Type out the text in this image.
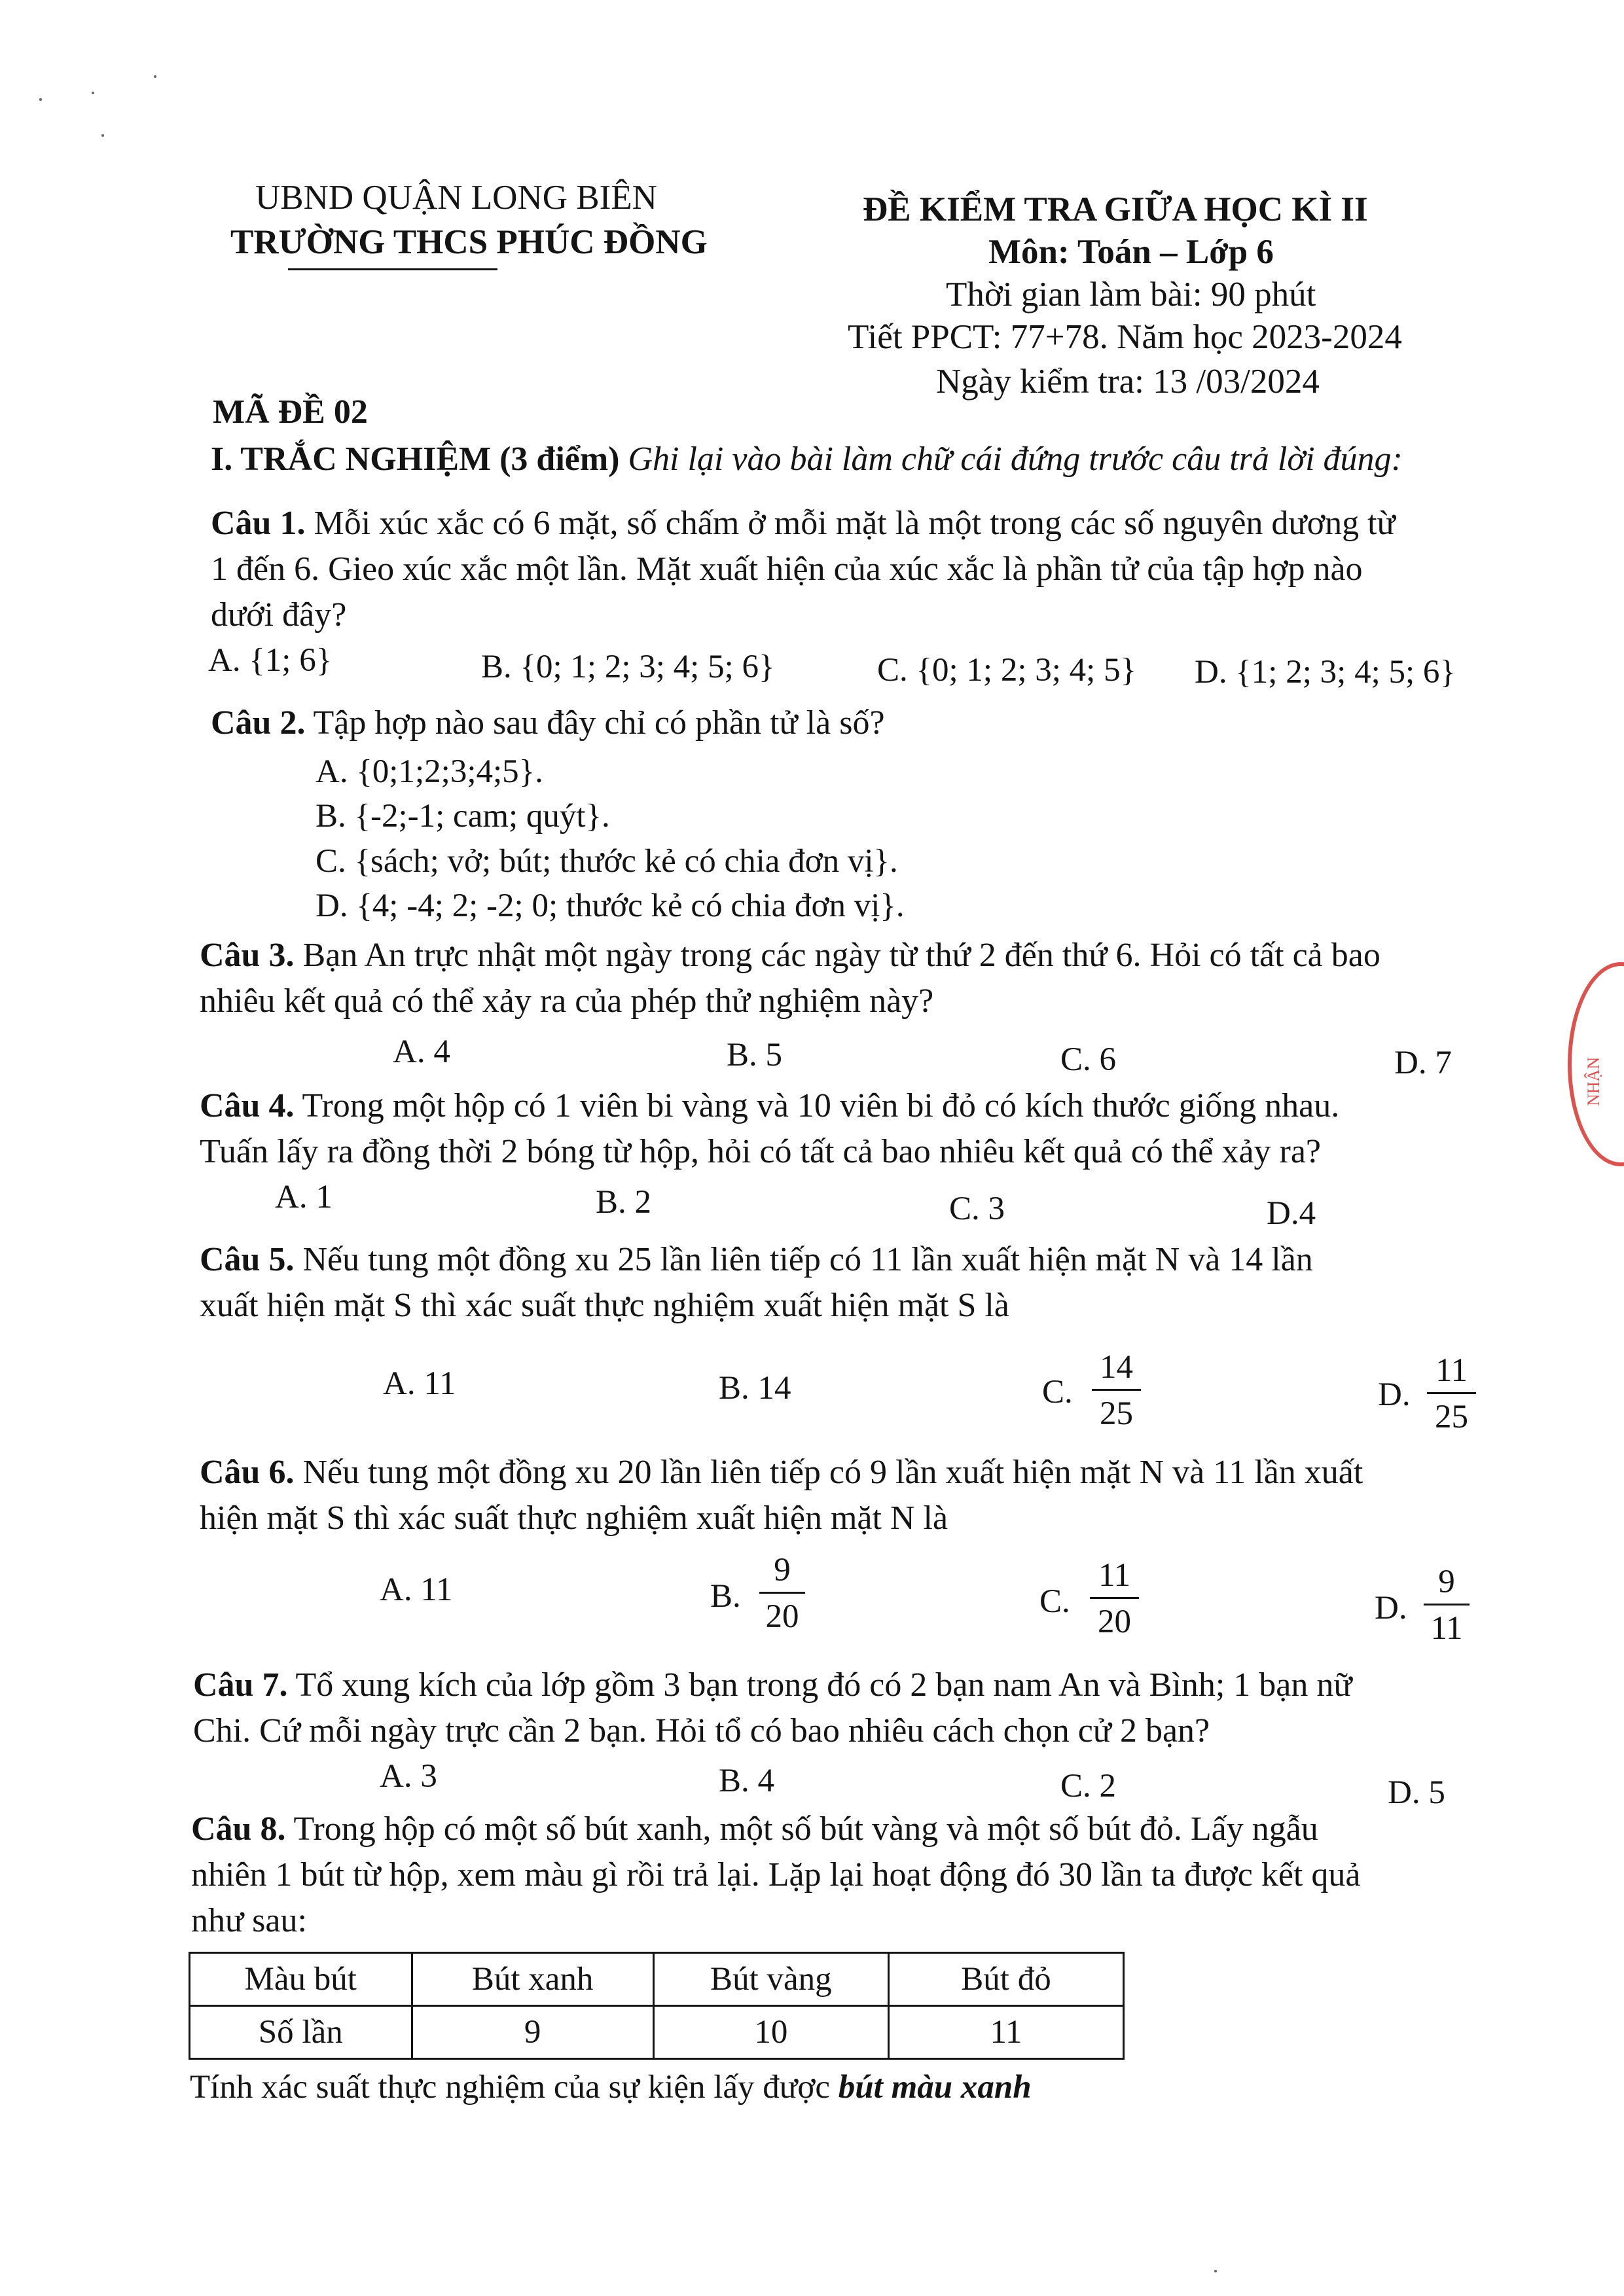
UBND QUẬN LONG BIÊN
TRƯỜNG THCS PHÚC ĐỒNG
ĐỀ KIỂM TRA GIỮA HỌC KÌ II
Môn: Toán – Lớp 6
Thời gian làm bài: 90 phút
Tiết PPCT: 77+78. Năm học 2023-2024
Ngày kiểm tra: 13 /03/2024
MÃ ĐỀ 02
I. TRẮC NGHIỆM (3 điểm) Ghi lại vào bài làm chữ cái đứng trước câu trả lời đúng:
Câu 1. Mỗi xúc xắc có 6 mặt, số chấm ở mỗi mặt là một trong các số nguyên dương từ
1 đến 6. Gieo xúc xắc một lần. Mặt xuất hiện của xúc xắc là phần tử của tập hợp nào
dưới đây?
A. {1; 6}	B. {0; 1; 2; 3; 4; 5; 6}	C. {0; 1; 2; 3; 4; 5} D. {1; 2; 3; 4; 5; 6}
Câu 2. Tập hợp nào sau đây chỉ có phần tử là số?
A. {0;1;2;3;4;5}.
B. {-2;-1; cam; quýt}.
C. {sách; vở; bút; thước kẻ có chia đơn vị}.
D. {4; -4; 2; -2; 0; thước kẻ có chia đơn vị}.
Câu 3. Bạn An trực nhật một ngày trong các ngày từ thứ 2 đến thứ 6. Hỏi có tất cả bao
nhiêu kết quả có thể xảy ra của phép thử nghiệm này?
A. 4	B. 5	C. 6	D. 7
Câu 4. Trong một hộp có 1 viên bi vàng và 10 viên bi đỏ có kích thước giống nhau.
Tuấn lấy ra đồng thời 2 bóng từ hộp, hỏi có tất cả bao nhiêu kết quả có thể xảy ra?
A. 1	B. 2	C. 3	D.4
Câu 5. Nếu tung một đồng xu 25 lần liên tiếp có 11 lần xuất hiện mặt N và 14 lần
xuất hiện mặt S thì xác suất thực nghiệm xuất hiện mặt S là
A. 11	B. 14	C.
14
25
D.
11
25
Câu 6. Nếu tung một đồng xu 20 lần liên tiếp có 9 lần xuất hiện mặt N và 11 lần xuất
hiện mặt S thì xác suất thực nghiệm xuất hiện mặt N là
A. 11	B.
9
20	C.
11
20	D.
9
11
Câu 7. Tổ xung kích của lớp gồm 3 bạn trong đó có 2 bạn nam An và Bình; 1 bạn nữ
Chi. Cứ mỗi ngày trực cần 2 bạn. Hỏi tổ có bao nhiêu cách chọn cử 2 bạn?
A. 3	B. 4	C. 2	D. 5
Câu 8. Trong hộp có một số bút xanh, một số bút vàng và một số bút đỏ. Lấy ngẫu
nhiên 1 bút từ hộp, xem màu gì rồi trả lại. Lặp lại hoạt động đó 30 lần ta được kết quả
như sau:
Màu bút	Bút xanh	Bút vàng	Bút đỏ
Số lần	9	10	11
Tính xác suất thực nghiệm của sự kiện lấy được bút màu xanh
NHẬN
